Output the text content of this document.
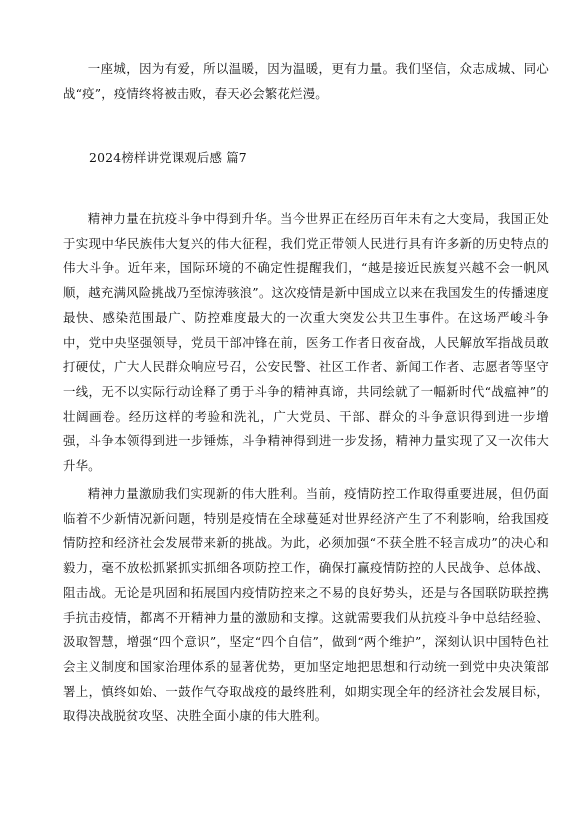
一座城，因为有爱，所以温暖，因为温暖，更有力量。我们坚信，众志成城、同心战“疫”，疫情终将被击败，春天必会繁花烂漫。

2024榜样讲党课观后感 篇7

精神力量在抗疫斗争中得到升华。当今世界正在经历百年未有之大变局，我国正处于实现中华民族伟大复兴的伟大征程，我们党正带领人民进行具有许多新的历史特点的伟大斗争。近年来，国际环境的不确定性提醒我们，“越是接近民族复兴越不会一帆风顺，越充满风险挑战乃至惊涛骇浪”。这次疫情是新中国成立以来在我国发生的传播速度最快、感染范围最广、防控难度最大的一次重大突发公共卫生事件。在这场严峻斗争中，党中央坚强领导，党员干部冲锋在前，医务工作者日夜奋战，人民解放军指战员敢打硬仗，广大人民群众响应号召，公安民警、社区工作者、新闻工作者、志愿者等坚守一线，无不以实际行动诠释了勇于斗争的精神真谛，共同绘就了一幅新时代“战瘟神”的壮阔画卷。经历这样的考验和洗礼，广大党员、干部、群众的斗争意识得到进一步增强，斗争本领得到进一步锤炼，斗争精神得到进一步发扬，精神力量实现了又一次伟大升华。

精神力量激励我们实现新的伟大胜利。当前，疫情防控工作取得重要进展，但仍面临着不少新情况新问题，特别是疫情在全球蔓延对世界经济产生了不利影响，给我国疫情防控和经济社会发展带来新的挑战。为此，必须加强“不获全胜不轻言成功”的决心和毅力，毫不放松抓紧抓实抓细各项防控工作，确保打赢疫情防控的人民战争、总体战、阻击战。无论是巩固和拓展国内疫情防控来之不易的良好势头，还是与各国联防联控携手抗击疫情，都离不开精神力量的激励和支撑。这就需要我们从抗疫斗争中总结经验、汲取智慧，增强“四个意识”，坚定“四个自信”，做到“两个维护”，深刻认识中国特色社会主义制度和国家治理体系的显著优势，更加坚定地把思想和行动统一到党中央决策部署上，慎终如始、一鼓作气夺取战疫的最终胜利，如期实现全年的经济社会发展目标，取得决战脱贫攻坚、决胜全面小康的伟大胜利。
